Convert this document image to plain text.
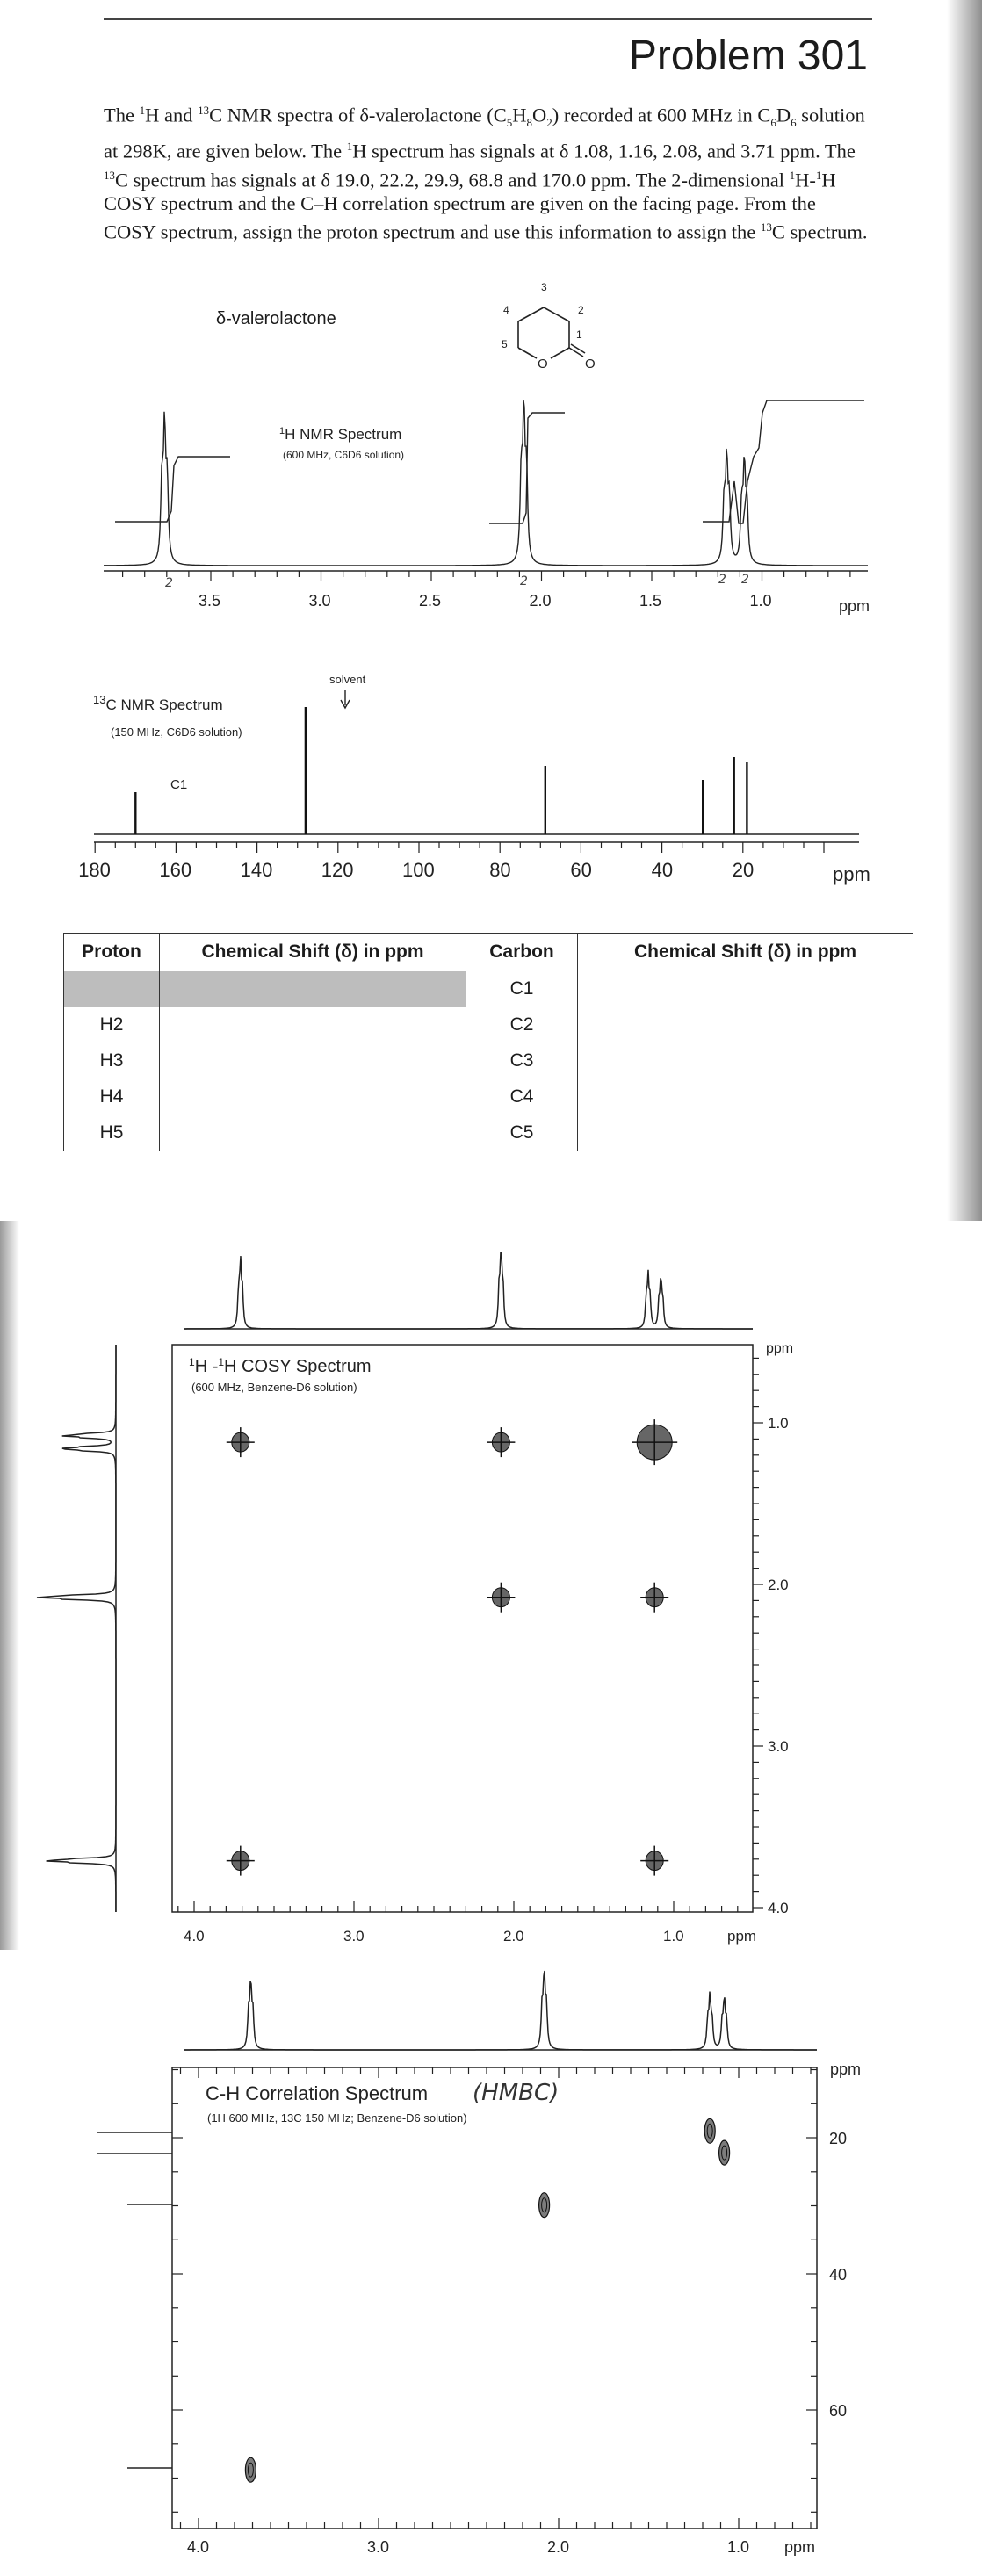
Problem 301
The $^1$H and $^{13}$C NMR spectra of δ-valerolactone $(C_5H_8O_2)$ recorded at 600 MHz in $C_6D_6$ solution at 298K, are given below. The $^1$H spectrum has signals at δ 1.08, 1.16, 2.08, and 3.71 ppm. The $^{13}$C spectrum has signals at δ 19.0, 22.2, 29.9, 68.8 and 170.0 ppm. The 2-dimensional $^1$H-$^1$H COSY spectrum and the C–H correlation spectrum are given on the facing page. From the COSY spectrum, assign the proton spectrum and use this information to assign the $^{13}$C spectrum.
δ-valerolactone
3
4	2
1
5
O	O
3.5	3.0	2.5	2.0	1.5	1.0
$^1$H NMR Spectrum
(600 MHz, C6D6 solution)
ppm
2	2	2 2
180	160	140	120	100	80	60	40	20
solvent
$^{13}$C NMR Spectrum
(150 MHz, C6D6 solution)
C1
ppm
Proton	Chemical Shift (δ) in ppm	Carbon	Chemical Shift (δ) in ppm
		C1	
H2		C2	
H3		C3	
H4		C4	
H5		C5	
4.0	3.0	2.0	1.0
1.0
2.0
3.0
4.0
$^1$H -$^1$H COSY Spectrum
(600 MHz, Benzene-D6 solution)
ppm
ppm
4.0	3.0	2.0	1.0
20
40
60
C-H Correlation Spectrum (HMBC)
(1H 600 MHz, 13C 150 MHz; Benzene-D6 solution)
ppm
ppm
